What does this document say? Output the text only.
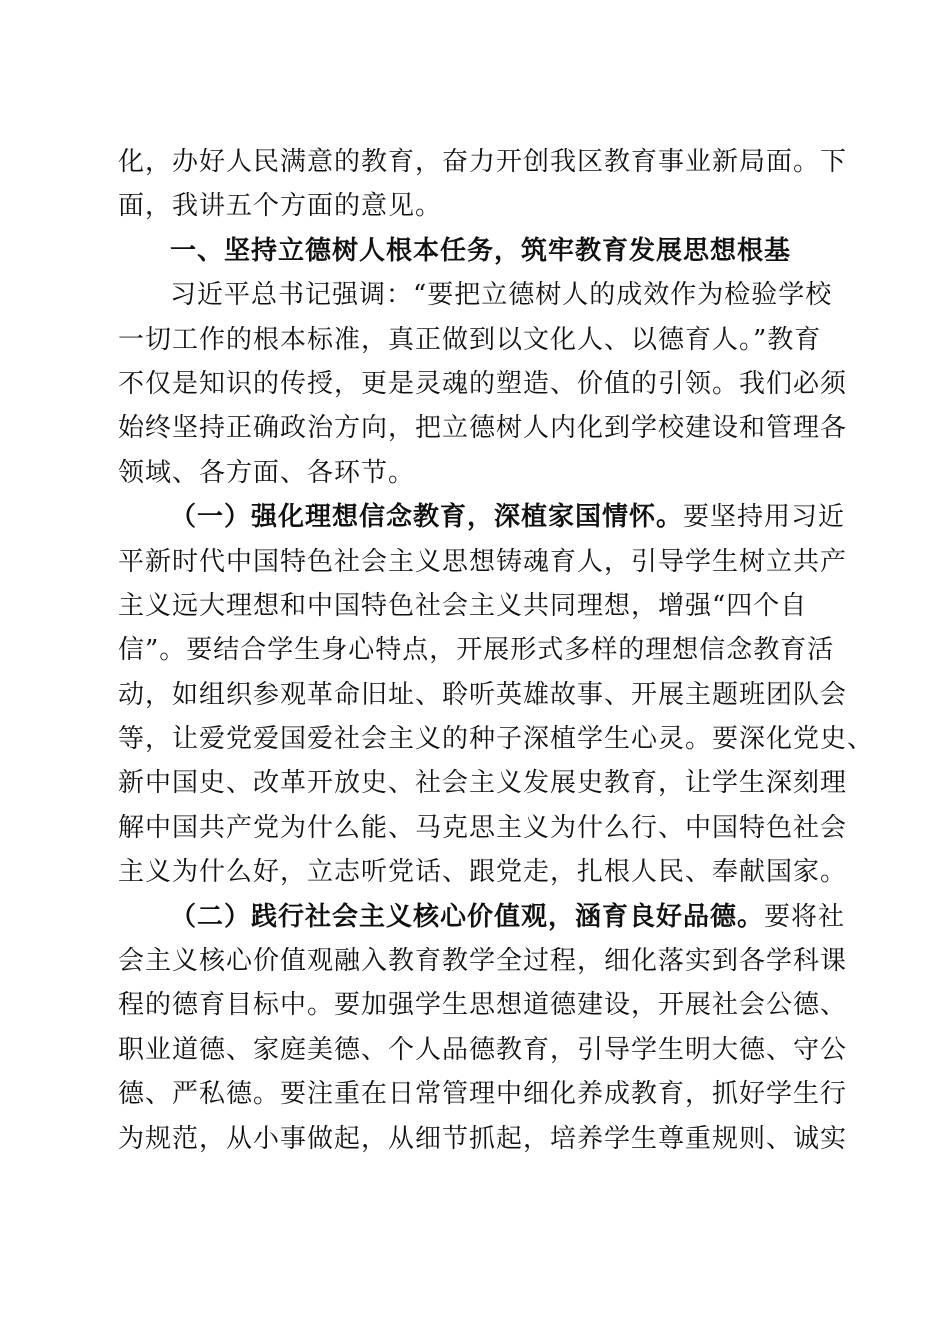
化，办好人民满意的教育，奋力开创我区教育事业新局面。下
面，我讲五个方面的意见。
一、坚持立德树人根本任务，筑牢教育发展思想根基
习近平总书记强调：“要把立德树人的成效作为检验学校
一切工作的根本标准，真正做到以文化人、以德育人。”教育
不仅是知识的传授，更是灵魂的塑造、价值的引领。我们必须
始终坚持正确政治方向，把立德树人内化到学校建设和管理各
领域、各方面、各环节。
（一）强化理想信念教育，深植家国情怀。要坚持用习近
平新时代中国特色社会主义思想铸魂育人，引导学生树立共产
主义远大理想和中国特色社会主义共同理想，增强“四个自
信”。要结合学生身心特点，开展形式多样的理想信念教育活
动，如组织参观革命旧址、聆听英雄故事、开展主题班团队会
等，让爱党爱国爱社会主义的种子深植学生心灵。要深化党史、
新中国史、改革开放史、社会主义发展史教育，让学生深刻理
解中国共产党为什么能、马克思主义为什么行、中国特色社会
主义为什么好，立志听党话、跟党走，扎根人民、奉献国家。
（二）践行社会主义核心价值观，涵育良好品德。要将社
会主义核心价值观融入教育教学全过程，细化落实到各学科课
程的德育目标中。要加强学生思想道德建设，开展社会公德、
职业道德、家庭美德、个人品德教育，引导学生明大德、守公
德、严私德。要注重在日常管理中细化养成教育，抓好学生行
为规范，从小事做起，从细节抓起，培养学生尊重规则、诚实
